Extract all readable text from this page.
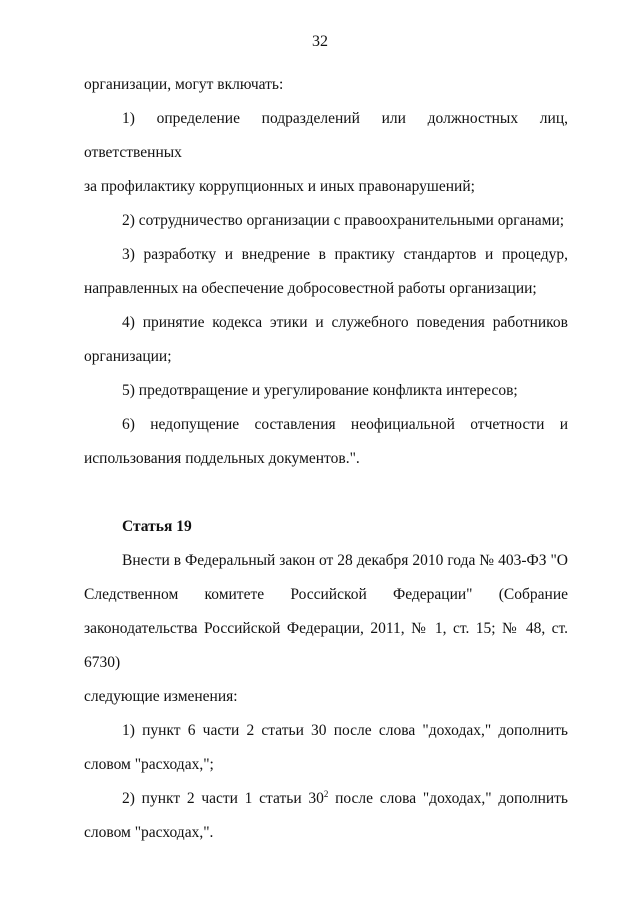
32

организации, могут включать:

1) определение подразделений или должностных лиц, ответственных

за профилактику коррупционных и иных правонарушений;

2) сотрудничество организации с правоохранительными органами;

3) разработку и внедрение в практику стандартов и процедур,

направленных на обеспечение добросовестной работы организации;

4) принятие кодекса этики и служебного поведения работников

организации;

5) предотвращение и урегулирование конфликта интересов;

6) недопущение составления неофициальной отчетности и

использования поддельных документов.".

Статья 19

Внести в Федеральный закон от 28 декабря 2010 года № 403-ФЗ "О

Следственном комитете Российской Федерации" (Собрание

законодательства Российской Федерации, 2011, № 1, ст. 15; № 48, ст. 6730)

следующие изменения:

1) пункт 6 части 2 статьи 30 после слова "доходах," дополнить

словом "расходах,";

2) пункт 2 части 1 статьи $30^2$ после слова "доходах," дополнить

словом "расходах,".
